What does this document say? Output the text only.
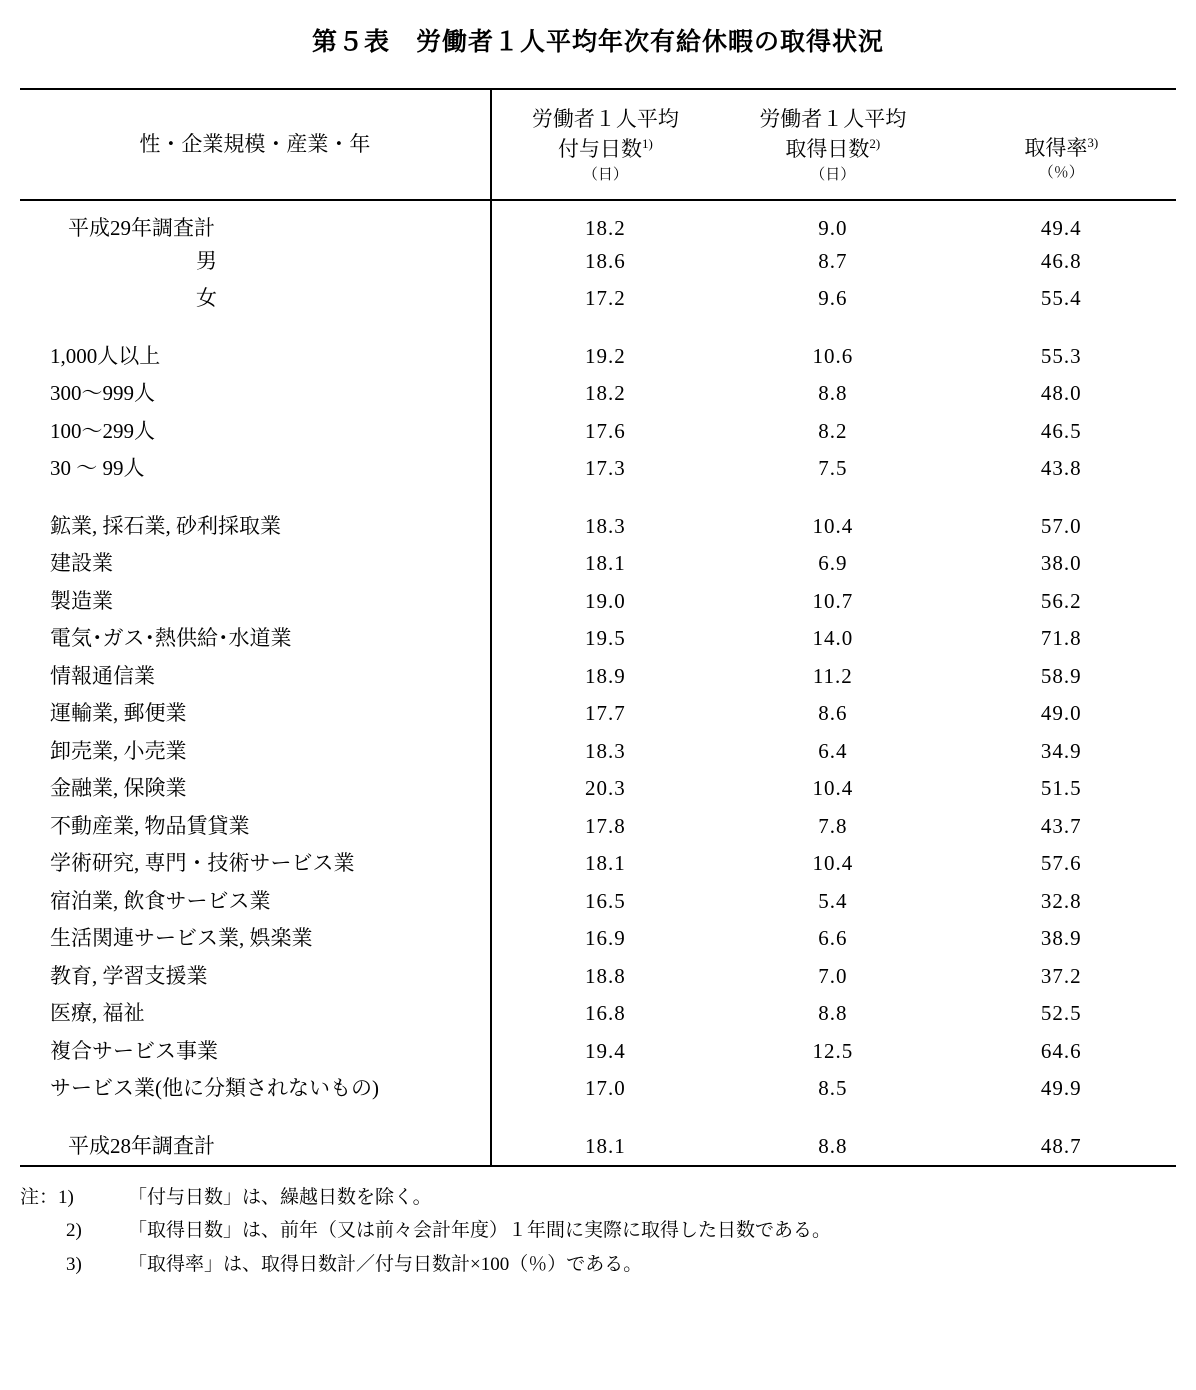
第５表　労働者１人平均年次有給休暇の取得状況
性・企業規模・産業・年

労働者１人平均
付与日数$^{1)}$
（日）

労働者１人平均
取得日数$^{2)}$
（日）

取得率$^{3)}$
（％）

平成29年調査計	18.2	9.0	49.4
男	18.6	8.7	46.8
女	17.2	9.6	55.4

1,000人以上	19.2	10.6	55.3
300〜999人	18.2	8.8	48.0
100〜299人	17.6	8.2	46.5
30 〜 99人	17.3	7.5	43.8

鉱業, 採石業, 砂利採取業	18.3	10.4	57.0
建設業	18.1	6.9	38.0
製造業	19.0	10.7	56.2
電気･ガス･熱供給･水道業	19.5	14.0	71.8
情報通信業	18.9	11.2	58.9
運輸業, 郵便業	17.7	8.6	49.0
卸売業, 小売業	18.3	6.4	34.9
金融業, 保険業	20.3	10.4	51.5
不動産業, 物品賃貸業	17.8	7.8	43.7
学術研究, 専門・技術サービス業	18.1	10.4	57.6
宿泊業, 飲食サービス業	16.5	5.4	32.8
生活関連サービス業, 娯楽業	16.9	6.6	38.9
教育, 学習支援業	18.8	7.0	37.2
医療, 福祉	16.8	8.8	52.5
複合サービス事業	19.4	12.5	64.6
サービス業(他に分類されないもの)	17.0	8.5	49.9

平成28年調査計	18.1	8.8	48.7
注：1)	「付与日数」は、繰越日数を除く。
2)	「取得日数」は、前年（又は前々会計年度）１年間に実際に取得した日数である。
3)	「取得率」は、取得日数計／付与日数計×100（％）である。
